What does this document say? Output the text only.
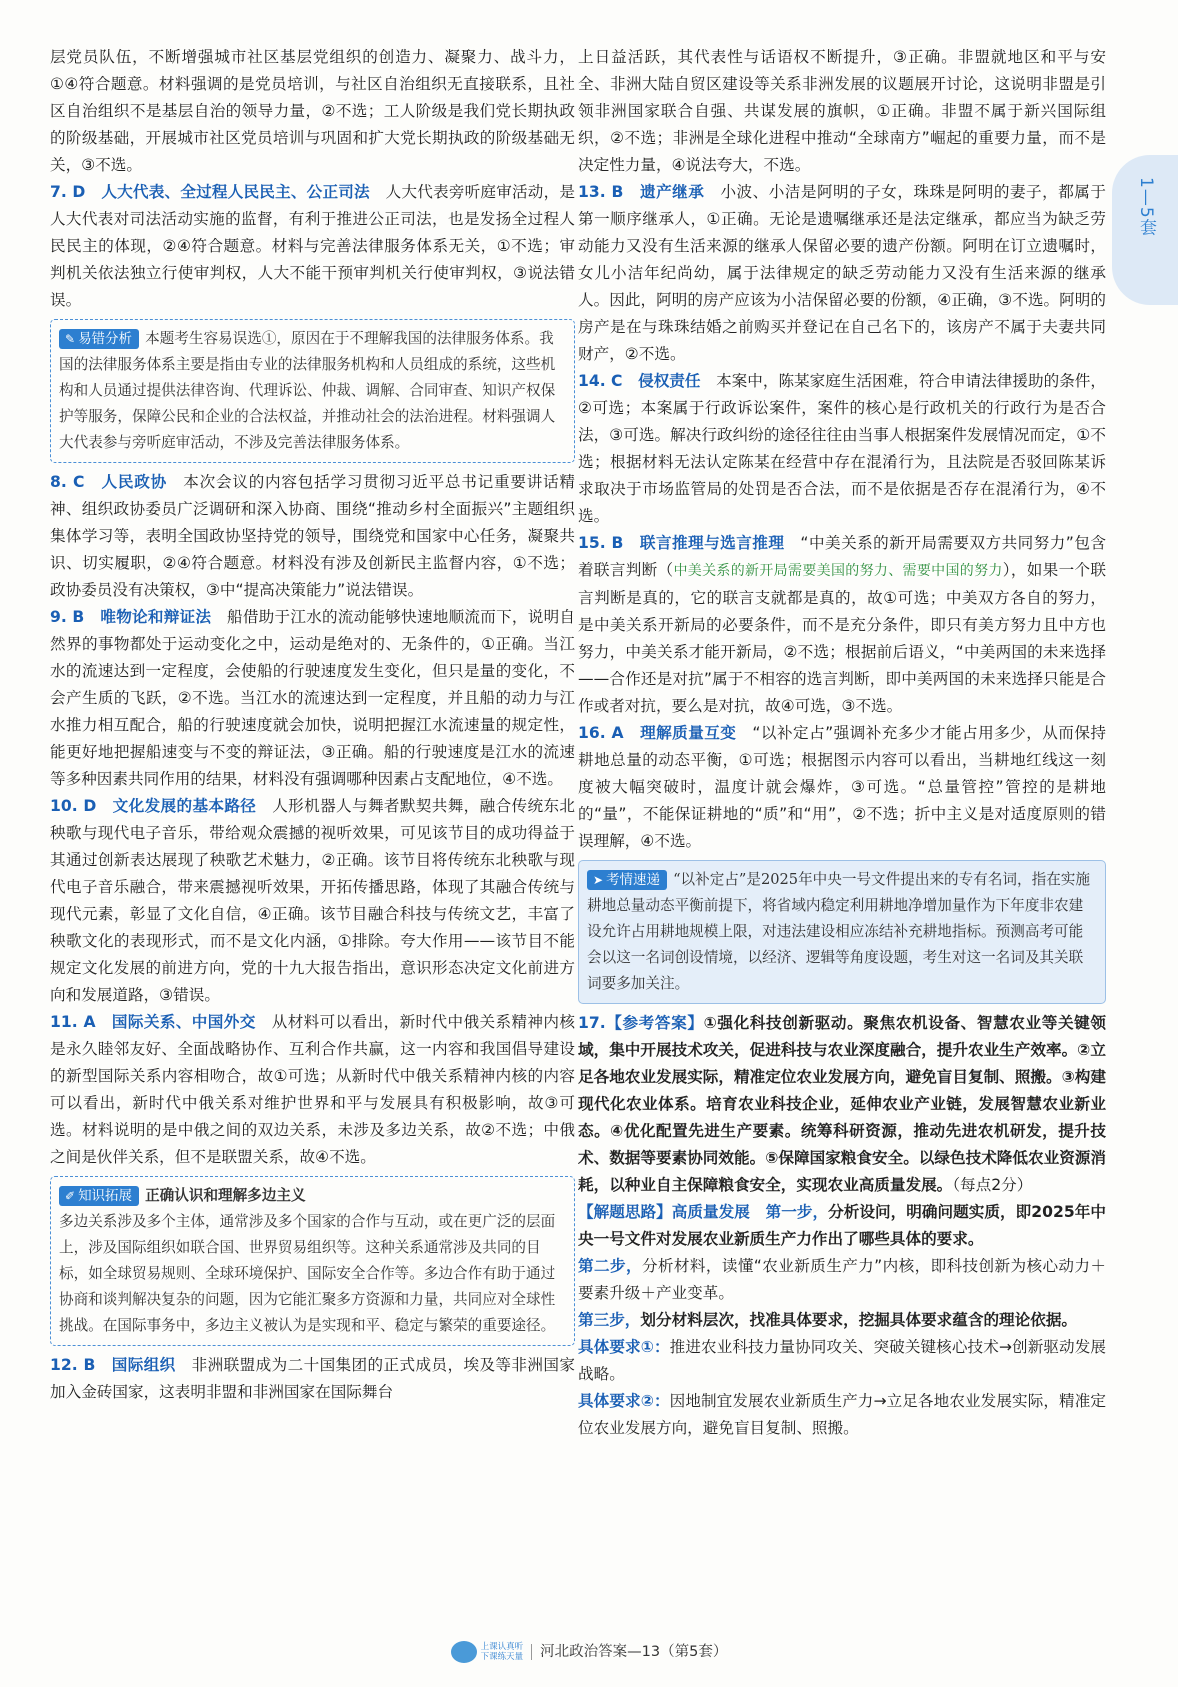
层党员队伍，不断增强城市社区基层党组织的创造力、凝聚力、战斗力，①④符合题意。材料强调的是党员培训，与社区自治组织无直接联系，且社区自治组织不是基层自治的领导力量，②不选；工人阶级是我们党长期执政的阶级基础，开展城市社区党员培训与巩固和扩大党长期执政的阶级基础无关，③不选。

7. D　人大代表、全过程人民民主、公正司法　人大代表旁听庭审活动，是人大代表对司法活动实施的监督，有利于推进公正司法，也是发扬全过程人民民主的体现，②④符合题意。材料与完善法律服务体系无关，①不选；审判机关依法独立行使审判权，人大不能干预审判机关行使审判权，③说法错误。

✎ 易错分析 本题考生容易误选①，原因在于不理解我国的法律服务体系。我国的法律服务体系主要是指由专业的法律服务机构和人员组成的系统，这些机构和人员通过提供法律咨询、代理诉讼、仲裁、调解、合同审查、知识产权保护等服务，保障公民和企业的合法权益，并推动社会的法治进程。材料强调人大代表参与旁听庭审活动，不涉及完善法律服务体系。

8. C　人民政协　本次会议的内容包括学习贯彻习近平总书记重要讲话精神、组织政协委员广泛调研和深入协商、围绕“推动乡村全面振兴”主题组织集体学习等，表明全国政协坚持党的领导，围绕党和国家中心任务，凝聚共识、切实履职，②④符合题意。材料没有涉及创新民主监督内容，①不选；政协委员没有决策权，③中“提高决策能力”说法错误。

9. B　唯物论和辩证法　船借助于江水的流动能够快速地顺流而下，说明自然界的事物都处于运动变化之中，运动是绝对的、无条件的，①正确。当江水的流速达到一定程度，会使船的行驶速度发生变化，但只是量的变化，不会产生质的飞跃，②不选。当江水的流速达到一定程度，并且船的动力与江水推力相互配合，船的行驶速度就会加快，说明把握江水流速量的规定性，能更好地把握船速变与不变的辩证法，③正确。船的行驶速度是江水的流速等多种因素共同作用的结果，材料没有强调哪种因素占支配地位，④不选。

10. D　文化发展的基本路径　人形机器人与舞者默契共舞，融合传统东北秧歌与现代电子音乐，带给观众震撼的视听效果，可见该节目的成功得益于其通过创新表达展现了秧歌艺术魅力，②正确。该节目将传统东北秧歌与现代电子音乐融合，带来震撼视听效果，开拓传播思路，体现了其融合传统与现代元素，彰显了文化自信，④正确。该节目融合科技与传统文艺，丰富了秧歌文化的表现形式，而不是文化内涵，①排除。夸大作用——该节目不能规定文化发展的前进方向，党的十九大报告指出，意识形态决定文化前进方向和发展道路，③错误。

11. A　国际关系、中国外交　从材料可以看出，新时代中俄关系精神内核是永久睦邻友好、全面战略协作、互利合作共赢，这一内容和我国倡导建设的新型国际关系内容相吻合，故①可选；从新时代中俄关系精神内核的内容可以看出，新时代中俄关系对维护世界和平与发展具有积极影响，故③可选。材料说明的是中俄之间的双边关系，未涉及多边关系，故②不选；中俄之间是伙伴关系，但不是联盟关系，故④不选。

✐ 知识拓展 正确认识和理解多边主义
多边关系涉及多个主体，通常涉及多个国家的合作与互动，或在更广泛的层面上，涉及国际组织如联合国、世界贸易组织等。这种关系通常涉及共同的目标，如全球贸易规则、全球环境保护、国际安全合作等。多边合作有助于通过协商和谈判解决复杂的问题，因为它能汇聚多方资源和力量，共同应对全球性挑战。在国际事务中，多边主义被认为是实现和平、稳定与繁荣的重要途径。

12. B　国际组织　非洲联盟成为二十国集团的正式成员，埃及等非洲国家加入金砖国家，这表明非盟和非洲国家在国际舞台

上日益活跃，其代表性与话语权不断提升，③正确。非盟就地区和平与安全、非洲大陆自贸区建设等关系非洲发展的议题展开讨论，这说明非盟是引领非洲国家联合自强、共谋发展的旗帜，①正确。非盟不属于新兴国际组织，②不选；非洲是全球化进程中推动“全球南方”崛起的重要力量，而不是决定性力量，④说法夸大，不选。

13. B　遗产继承　小波、小洁是阿明的子女，珠珠是阿明的妻子，都属于第一顺序继承人，①正确。无论是遗嘱继承还是法定继承，都应当为缺乏劳动能力又没有生活来源的继承人保留必要的遗产份额。阿明在订立遗嘱时，女儿小洁年纪尚幼，属于法律规定的缺乏劳动能力又没有生活来源的继承人。因此，阿明的房产应该为小洁保留必要的份额，④正确，③不选。阿明的房产是在与珠珠结婚之前购买并登记在自己名下的，该房产不属于夫妻共同财产，②不选。

14. C　侵权责任　本案中，陈某家庭生活困难，符合申请法律援助的条件，②可选；本案属于行政诉讼案件，案件的核心是行政机关的行政行为是否合法，③可选。解决行政纠纷的途径往往由当事人根据案件发展情况而定，①不选；根据材料无法认定陈某在经营中存在混淆行为，且法院是否驳回陈某诉求取决于市场监管局的处罚是否合法，而不是依据是否存在混淆行为，④不选。

15. B　联言推理与选言推理　“中美关系的新开局需要双方共同努力”包含着联言判断（中美关系的新开局需要美国的努力、需要中国的努力），如果一个联言判断是真的，它的联言支就都是真的，故①可选；中美双方各自的努力，是中美关系开新局的必要条件，而不是充分条件，即只有美方努力且中方也努力，中美关系才能开新局，②不选；根据前后语义，“中美两国的未来选择——合作还是对抗”属于不相容的选言判断，即中美两国的未来选择只能是合作或者对抗，要么是对抗，故④可选，③不选。

16. A　理解质量互变　“以补定占”强调补充多少才能占用多少，从而保持耕地总量的动态平衡，①可选；根据图示内容可以看出，当耕地红线这一刻度被大幅突破时，温度计就会爆炸，③可选。“总量管控”管控的是耕地的“量”，不能保证耕地的“质”和“用”，②不选；折中主义是对适度原则的错误理解，④不选。

➤ 考情速递 “以补定占”是2025年中央一号文件提出来的专有名词，指在实施耕地总量动态平衡前提下，将省域内稳定利用耕地净增加量作为下年度非农建设允许占用耕地规模上限，对违法建设相应冻结补充耕地指标。预测高考可能会以这一名词创设情境，以经济、逻辑等角度设题，考生对这一名词及其关联词要多加关注。

17.【参考答案】①强化科技创新驱动。聚焦农机设备、智慧农业等关键领域，集中开展技术攻关，促进科技与农业深度融合，提升农业生产效率。②立足各地农业发展实际，精准定位农业发展方向，避免盲目复制、照搬。③构建现代化农业体系。培育农业科技企业，延伸农业产业链，发展智慧农业新业态。④优化配置先进生产要素。统筹科研资源，推动先进农机研发，提升技术、数据等要素协同效能。⑤保障国家粮食安全。以绿色技术降低农业资源消耗，以种业自主保障粮食安全，实现农业高质量发展。（每点2分）

【解题思路】高质量发展　 第一步，分析设问，明确问题实质，即2025年中央一号文件对发展农业新质生产力作出了哪些具体的要求。

第二步，分析材料，读懂“农业新质生产力”内核，即科技创新为核心动力＋要素升级＋产业变革。

第三步，划分材料层次，找准具体要求，挖掘具体要求蕴含的理论依据。

具体要求①：推进农业科技力量协同攻关、突破关键核心技术→创新驱动发展战略。

具体要求②：因地制宜发展农业新质生产力→立足各地农业发展实际，精准定位农业发展方向，避免盲目复制、照搬。

1—5套
上课认真听
下课练天量 河北政治答案—13（第5套）
